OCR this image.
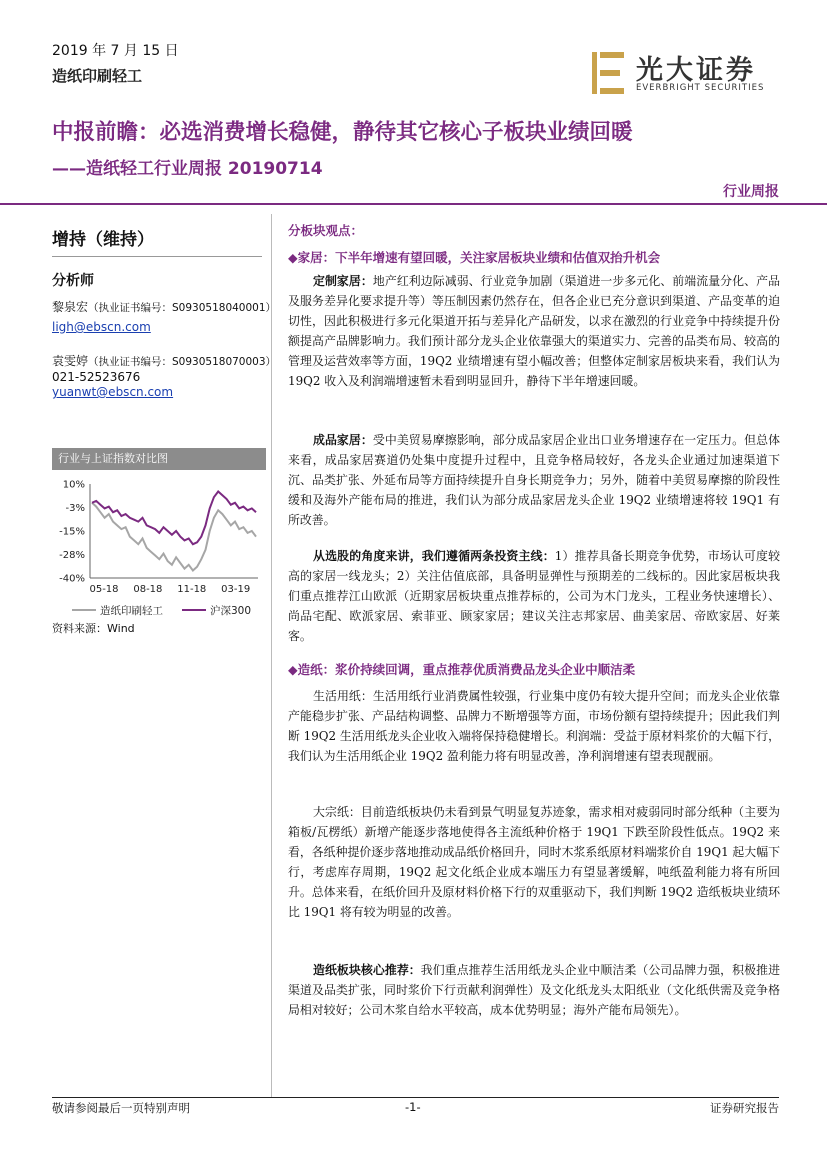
2019 年 7 月 15 日
造纸印刷轻工	光大证券
EVERBRIGHT SECURITIES
中报前瞻：必选消费增长稳健，静待其它核心子板块业绩回暖
——造纸轻工行业周报 20190714
行业周报
增持（维持）
分析师
黎泉宏（执业证书编号：S0930518040001）
ligh@ebscn.com
袁雯婷（执业证书编号：S0930518070003）
021-52523676
yuanwt@ebscn.com
行业与上证指数对比图
10%
-3%
-15%
-28%
-40%
05-18 08-18 11-18 03-19
造纸印刷轻工	沪深300
资料来源：Wind
分板块观点：
◆家居：下半年增速有望回暖，关注家居板块业绩和估值双抬升机会
定制家居：地产红利边际减弱、行业竞争加剧（渠道进一步多元化、前端流量分化、产品及服务差异化要求提升等）等压制因素仍然存在，但各企业已充分意识到渠道、产品变革的迫切性，因此积极进行多元化渠道开拓与差异化产品研发，以求在激烈的行业竞争中持续提升份额提高产品牌影响力。我们预计部分龙头企业依靠强大的渠道实力、完善的品类布局、较高的管理及运营效率等方面，19Q2 业绩增速有望小幅改善；但整体定制家居板块来看，我们认为 19Q2 收入及利润端增速暂未看到明显回升，静待下半年增速回暖。
成品家居：受中美贸易摩擦影响，部分成品家居企业出口业务增速存在一定压力。但总体来看，成品家居赛道仍处集中度提升过程中，且竞争格局较好，各龙头企业通过加速渠道下沉、品类扩张、外延布局等方面持续提升自身长期竞争力；另外，随着中美贸易摩擦的阶段性缓和及海外产能布局的推进，我们认为部分成品家居龙头企业 19Q2 业绩增速将较 19Q1 有所改善。
从选股的角度来讲，我们遵循两条投资主线：1）推荐具备长期竞争优势，市场认可度较高的家居一线龙头；2）关注估值底部，具备明显弹性与预期差的二线标的。因此家居板块我们重点推荐江山欧派（近期家居板块重点推荐标的，公司为木门龙头，工程业务快速增长）、尚品宅配、欧派家居、索菲亚、顾家家居；建议关注志邦家居、曲美家居、帝欧家居、好莱客。
◆造纸：浆价持续回调，重点推荐优质消费品龙头企业中顺洁柔
生活用纸：生活用纸行业消费属性较强，行业集中度仍有较大提升空间；而龙头企业依靠产能稳步扩张、产品结构调整、品牌力不断增强等方面，市场份额有望持续提升；因此我们判断 19Q2 生活用纸龙头企业收入端将保持稳健增长。利润端：受益于原材料浆价的大幅下行，我们认为生活用纸企业 19Q2 盈利能力将有明显改善，净利润增速有望表现靓丽。
大宗纸：目前造纸板块仍未看到景气明显复苏迹象，需求相对疲弱同时部分纸种（主要为箱板/瓦楞纸）新增产能逐步落地使得各主流纸种价格于 19Q1 下跌至阶段性低点。19Q2 来看，各纸种提价逐步落地推动成品纸价格回升，同时木浆系纸原材料端浆价自 19Q1 起大幅下行，考虑库存周期，19Q2 起文化纸企业成本端压力有望显著缓解，吨纸盈利能力将有所回升。总体来看，在纸价回升及原材料价格下行的双重驱动下，我们判断 19Q2 造纸板块业绩环比 19Q1 将有较为明显的改善。
造纸板块核心推荐：我们重点推荐生活用纸龙头企业中顺洁柔（公司品牌力强，积极推进渠道及品类扩张，同时浆价下行贡献利润弹性）及文化纸龙头太阳纸业（文化纸供需及竞争格局相对较好；公司木浆自给水平较高，成本优势明显；海外产能布局领先）。
敬请参阅最后一页特别声明	-1-	证券研究报告
